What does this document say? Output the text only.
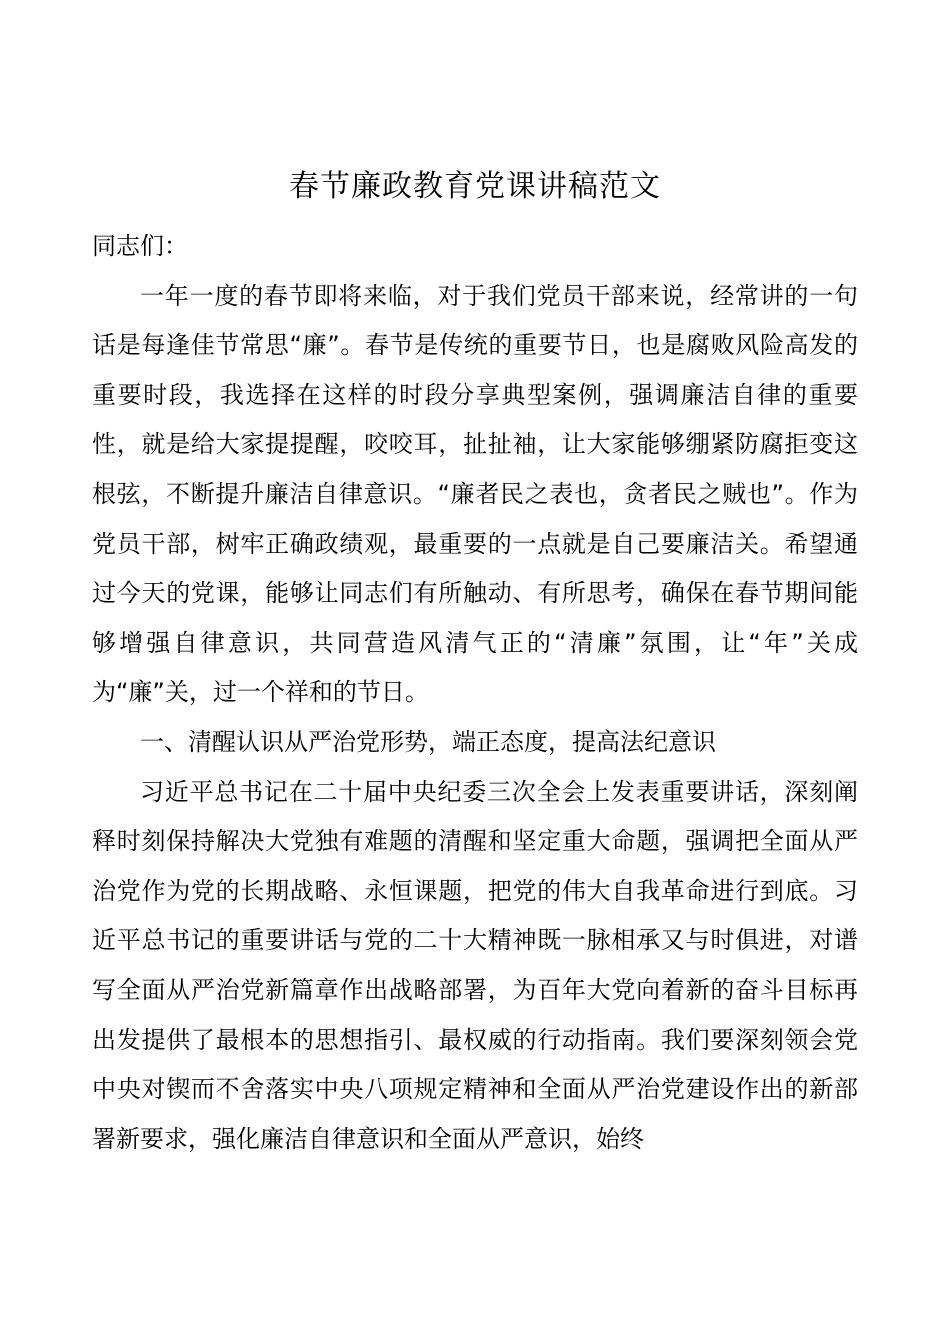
春节廉政教育党课讲稿范文

同志们：

一年一度的春节即将来临，对于我们党员干部来说，经常讲的一句话是每逢佳节常思“廉”。春节是传统的重要节日，也是腐败风险高发的重要时段，我选择在这样的时段分享典型案例，强调廉洁自律的重要性，就是给大家提提醒，咬咬耳，扯扯袖，让大家能够绷紧防腐拒变这根弦，不断提升廉洁自律意识。“廉者民之表也，贪者民之贼也”。作为党员干部，树牢正确政绩观，最重要的一点就是自己要廉洁关。希望通过今天的党课，能够让同志们有所触动、有所思考，确保在春节期间能够增强自律意识，共同营造风清气正的“清廉”氛围，让“年”关成为“廉”关，过一个祥和的节日。

一、清醒认识从严治党形势，端正态度，提高法纪意识

习近平总书记在二十届中央纪委三次全会上发表重要讲话，深刻阐释时刻保持解决大党独有难题的清醒和坚定重大命题，强调把全面从严治党作为党的长期战略、永恒课题，把党的伟大自我革命进行到底。习近平总书记的重要讲话与党的二十大精神既一脉相承又与时俱进，对谱写全面从严治党新篇章作出战略部署，为百年大党向着新的奋斗目标再出发提供了最根本的思想指引、最权威的行动指南。我们要深刻领会党中央对锲而不舍落实中央八项规定精神和全面从严治党建设作出的新部署新要求，强化廉洁自律意识和全面从严意识，始终
